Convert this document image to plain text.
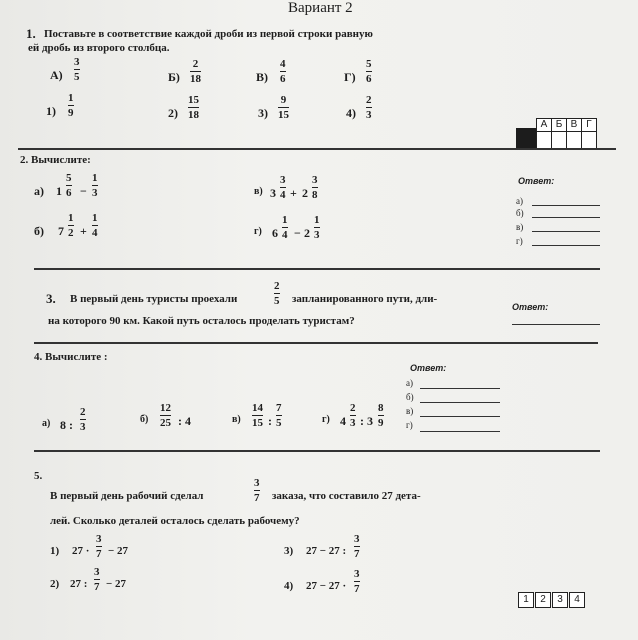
Вариант 2
1. Поставьте в соответствие каждой дроби из первой строки равную
ей дробь из второго столбца.
А)
3
5	Б)
2
18	В)
4
6	Г)
5
6
1)
1
9	2)
15
18	3)
9
15	4)
2
3
А Б В Г
2. Вычислите:
а) 1
5
6 −
1
3
б) 7
1
2 +
1
4
в) 3
3
4 + 2
3
8
г) 6
1
4 − 2
1
3
Ответ:
а)
б)
в)
г)
3. В первый день туристы проехали
2
5 запланированного пути, дли-
на которого 90 км. Какой путь осталось проделать туристам?
Ответ:
4. Вычислите :
Ответ:
а)
б)
в)
г)
а) 8 :
2
3
б)
12
25 : 4	в)
14
15 :
7
5	г) 4
2
3 : 3
8
9
5.
В первый день рабочий сделал
3
7 заказа, что составило 27 дета-
лей. Сколько деталей осталось сделать рабочему?
1) 27 ·
3
7 − 27
2) 27 :
3
7 − 27
3) 27 − 27 :
3
7
4) 27 − 27 ·
3
7
1	2	3	4
